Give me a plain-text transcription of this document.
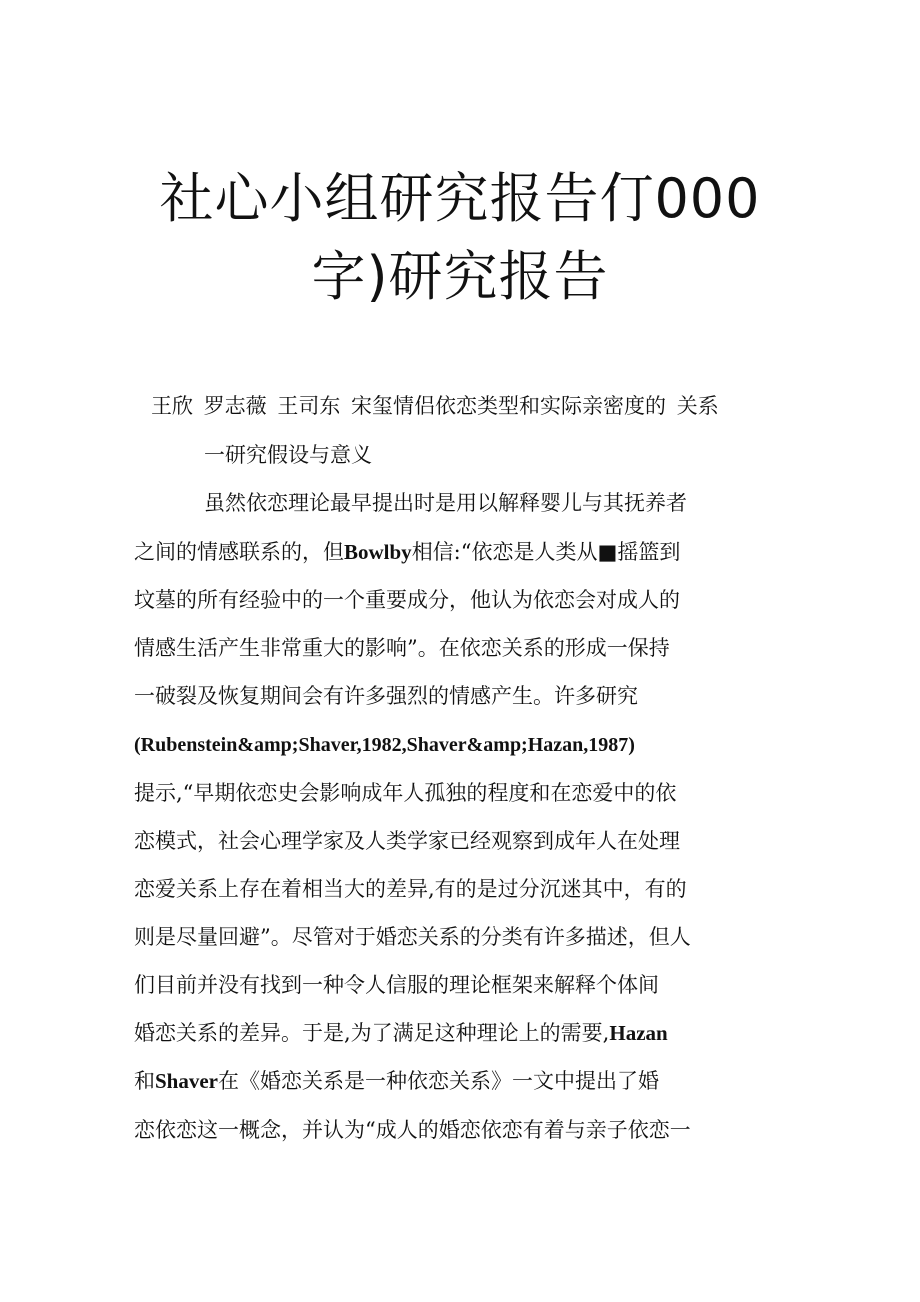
社心小组研究报告仃000
字)研究报告
王欣 罗志薇 王司东 宋玺情侣依恋类型和实际亲密度的 关系
一研究假设与意义
虽然依恋理论最早提出时是用以解释婴儿与其抚养者
之间的情感联系的，但Bowlby相信:“依恋是人类从■摇篮到
坟墓的所有经验中的一个重要成分，他认为依恋会对成人的
情感生活产生非常重大的影响”。在依恋关系的形成一保持
一破裂及恢复期间会有许多强烈的情感产生。许多研究
(Rubenstein&amp;Shaver,1982,Shaver&amp;Hazan,1987)
提示,“早期依恋史会影响成年人孤独的程度和在恋爱中的依
恋模式，社会心理学家及人类学家已经观察到成年人在处理
恋爱关系上存在着相当大的差异,有的是过分沉迷其中，有的
则是尽量回避”。尽管对于婚恋关系的分类有许多描述，但人
们目前并没有找到一种令人信服的理论框架来解释个体间
婚恋关系的差异。于是,为了满足这种理论上的需要,Hazan
和Shaver在《婚恋关系是一种依恋关系》一文中提出了婚
恋依恋这一概念，并认为“成人的婚恋依恋有着与亲子依恋一
